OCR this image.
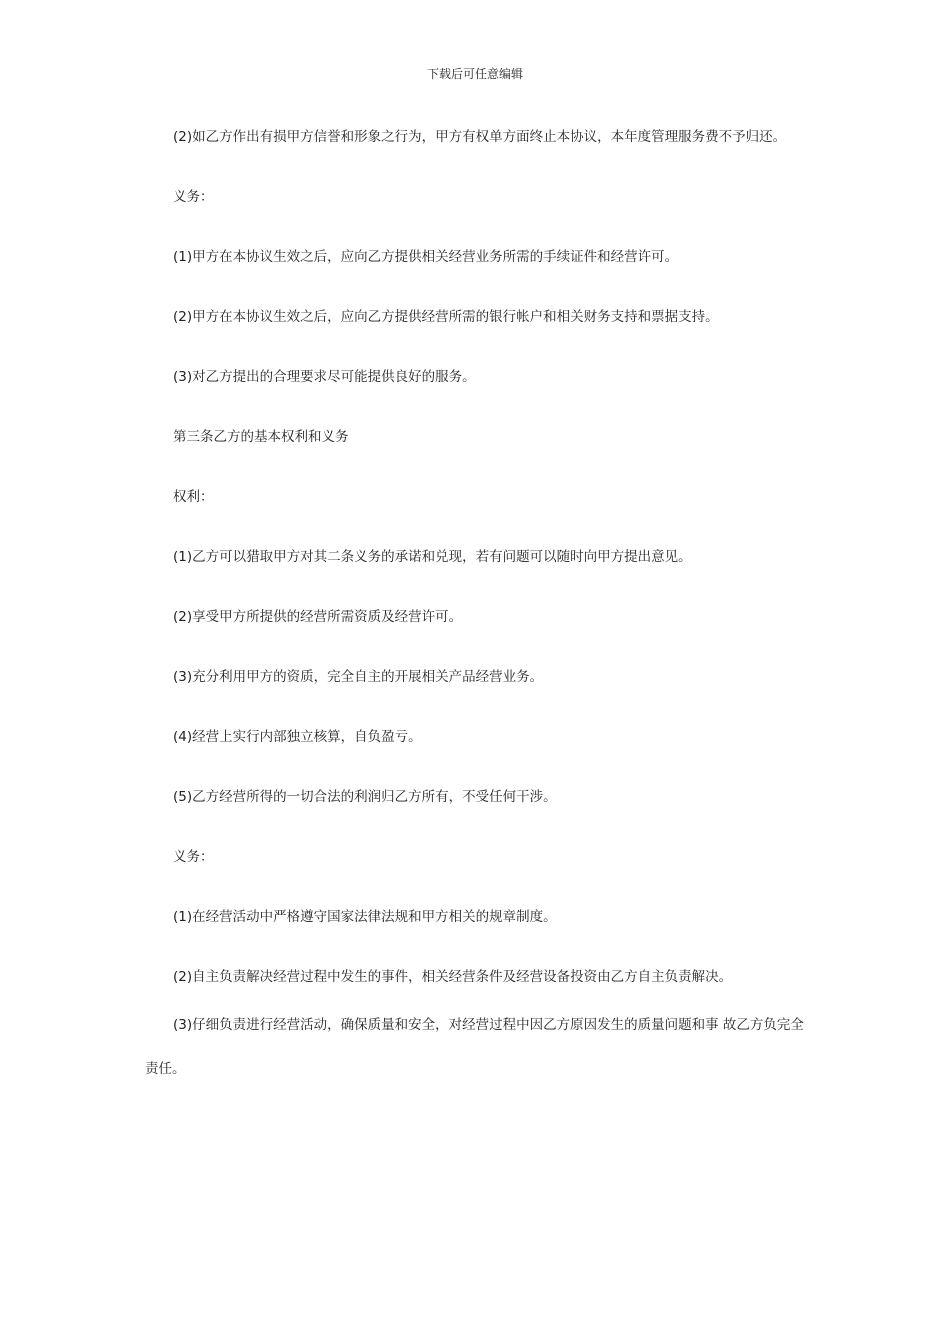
下载后可任意编辑

(2)如乙方作出有损甲方信誉和形象之行为，甲方有权单方面终止本协议，本年度管理服务费不予归还。

义务：

(1)甲方在本协议生效之后，应向乙方提供相关经营业务所需的手续证件和经营许可。

(2)甲方在本协议生效之后，应向乙方提供经营所需的银行帐户和相关财务支持和票据支持。

(3)对乙方提出的合理要求尽可能提供良好的服务。

第三条乙方的基本权利和义务

权利：

(1)乙方可以猎取甲方对其二条义务的承诺和兑现，若有问题可以随时向甲方提出意见。

(2)享受甲方所提供的经营所需资质及经营许可。

(3)充分利用甲方的资质，完全自主的开展相关产品经营业务。

(4)经营上实行内部独立核算，自负盈亏。

(5)乙方经营所得的一切合法的利润归乙方所有，不受任何干涉。

义务：

(1)在经营活动中严格遵守国家法律法规和甲方相关的规章制度。

(2)自主负责解决经营过程中发生的事件，相关经营条件及经营设备投资由乙方自主负责解决。

(3)仔细负责进行经营活动，确保质量和安全，对经营过程中因乙方原因发生的质量问题和事 故乙方负完全责任。
